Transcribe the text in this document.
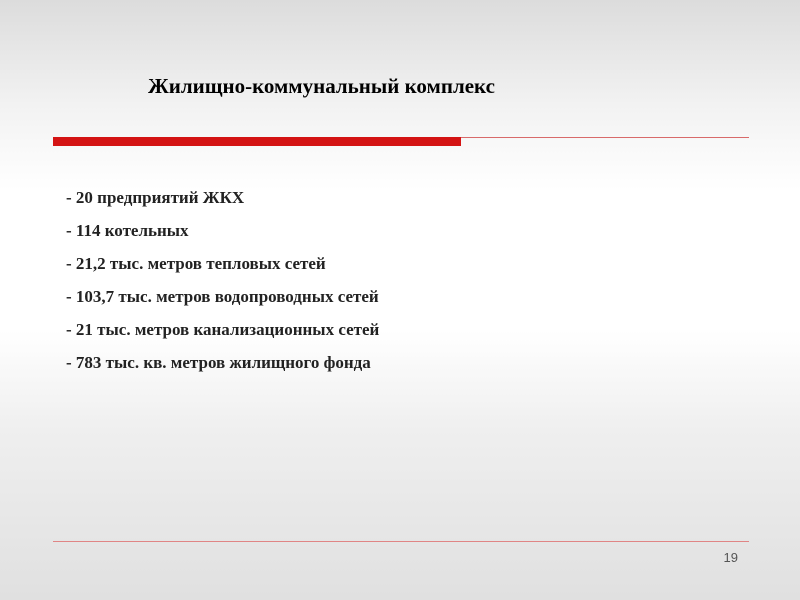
Жилищно-коммунальный комплекс
- 20 предприятий ЖКХ
- 114 котельных
- 21,2 тыс. метров тепловых сетей
- 103,7 тыс. метров водопроводных сетей
- 21 тыс. метров канализационных сетей
- 783 тыс. кв. метров жилищного фонда
19
